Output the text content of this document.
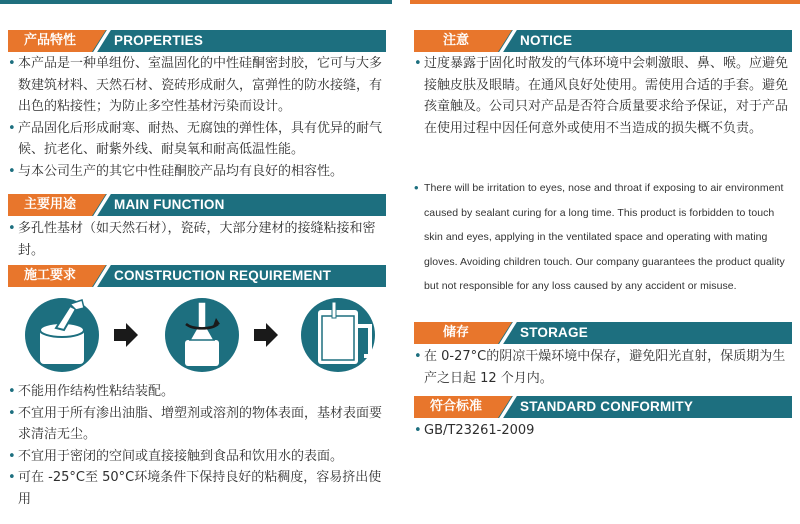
产品特性	PROPERTIES

• 本产品是一种单组份、室温固化的中性硅酮密封胶，它可与大多数建筑材料、天然石材、瓷砖形成耐久，富弹性的防水接缝，有出色的粘接性；为防止多空性基材污染而设计。

• 产品固化后形成耐寒、耐热、无腐蚀的弹性体，具有优异的耐气候、抗老化、耐紫外线、耐臭氧和耐高低温性能。

• 与本公司生产的其它中性硅酮胶产品均有良好的相容性。

主要用途	MAIN FUNCTION

• 多孔性基材（如天然石材），瓷砖，大部分建材的接缝粘接和密封。

施工要求	CONSTRUCTION REQUIREMENT

• 不能用作结构性粘结装配。

• 不宜用于所有渗出油脂、增塑剂或溶剂的物体表面，基材表面要求清洁无尘。

• 不宜用于密闭的空间或直接接触到食品和饮用水的表面。

• 可在 -25°C至 50°C环境条件下保持良好的粘稠度，容易挤出使用

注意	NOTICE

• 过度暴露于固化时散发的气体环境中会刺激眼、鼻、喉。应避免接触皮肤及眼睛。在通风良好处使用。需使用合适的手套。避免孩童触及。公司只对产品是否符合质量要求给予保证，对于产品在使用过程中因任何意外或使用不当造成的损失概不负责。

• There will be irritation to eyes, nose and throat if exposing to air environment caused by sealant curing for a long time. This product is forbidden to touch skin and eyes, applying in the ventilated space and operating with mating gloves. Avoiding children touch. Our company guarantees the product quality but not responsible for any loss caused by any accident or misuse.

储存	STORAGE

• 在 0-27°C的阴凉干燥环境中保存，避免阳光直射，保质期为生产之日起 12 个月内。

符合标准	STANDARD CONFORMITY

• GB/T23261-2009
